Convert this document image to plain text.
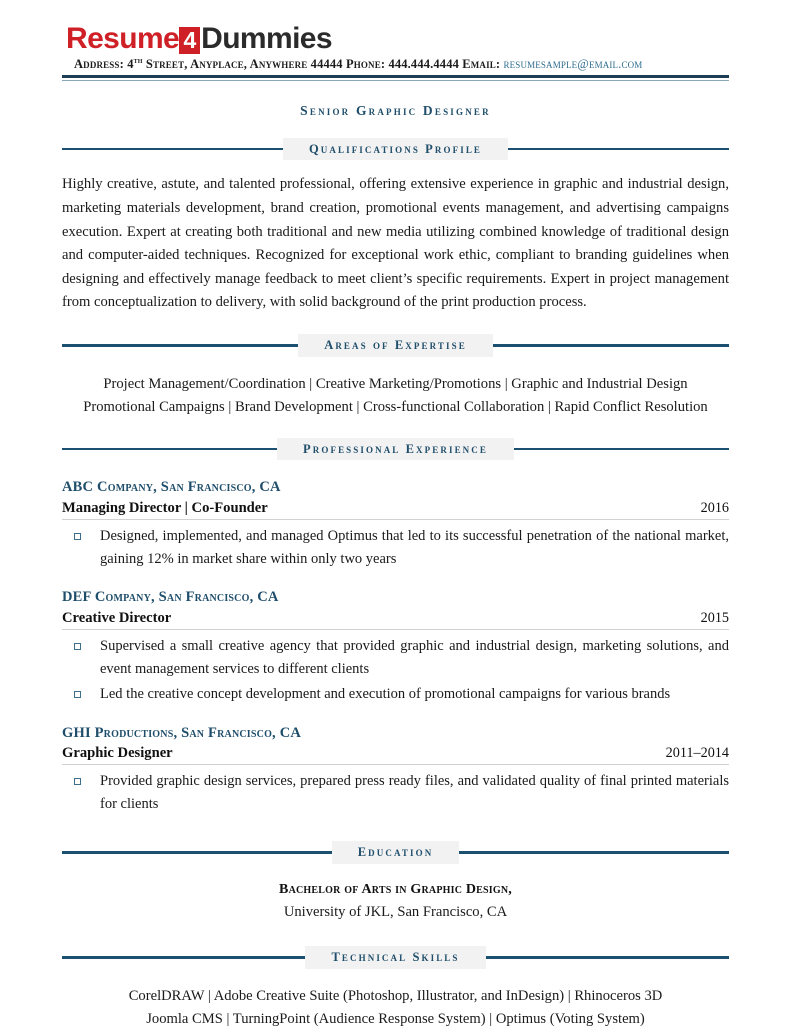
Resume 4 Dummies
Address: 4th Street, Anyplace, Anywhere 44444 Phone: 444.444.4444 Email: resumesample@email.com
Senior Graphic Designer
Qualifications Profile

Highly creative, astute, and talented professional, offering extensive experience in graphic and industrial design, marketing materials development, brand creation, promotional events management, and advertising campaigns execution. Expert at creating both traditional and new media utilizing combined knowledge of traditional design and computer-aided techniques. Recognized for exceptional work ethic, compliant to branding guidelines when designing and effectively manage feedback to meet client’s specific requirements. Expert in project management from conceptualization to delivery, with solid background of the print production process.

Areas of Expertise
Project Management/Coordination | Creative Marketing/Promotions | Graphic and Industrial Design
Promotional Campaigns | Brand Development | Cross-functional Collaboration | Rapid Conflict Resolution
Professional Experience
ABC Company, San Francisco, CA
Managing Director | Co-Founder	2016
Designed, implemented, and managed Optimus that led to its successful penetration of the national market, gaining 12% in market share within only two years
DEF Company, San Francisco, CA
Creative Director	2015
Supervised a small creative agency that provided graphic and industrial design, marketing solutions, and event management services to different clients
Led the creative concept development and execution of promotional campaigns for various brands
GHI Productions, San Francisco, CA
Graphic Designer	2011–2014
Provided graphic design services, prepared press ready files, and validated quality of final printed materials for clients
Education
Bachelor of Arts in Graphic Design,
University of JKL, San Francisco, CA
Technical Skills
CorelDRAW | Adobe Creative Suite (Photoshop, Illustrator, and InDesign) | Rhinoceros 3D
Joomla CMS | TurningPoint (Audience Response System) | Optimus (Voting System)
